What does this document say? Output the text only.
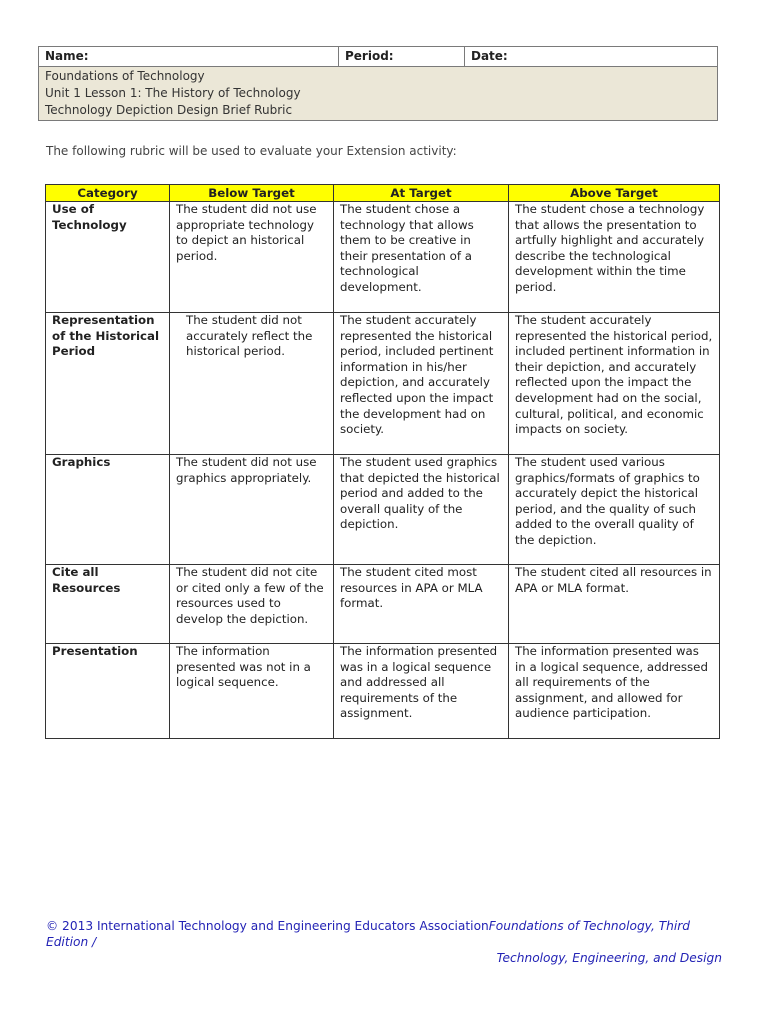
Name:	Period:	Date:

Foundations of Technology
Unit 1 Lesson 1: The History of Technology
Technology Depiction Design Brief Rubric

The following rubric will be used to evaluate your Extension activity:

Category	Below Target	At Target	Above Target
Use of Technology	The student did not use appropriate technology to depict an historical period.	The student chose a technology that allows them to be creative in their presentation of a technological development.	The student chose a technology that allows the presentation to artfully highlight and accurately describe the technological development within the time period.
Representation of the Historical Period	The student did not accurately reflect the historical period.	The student accurately represented the historical period, included pertinent information in his/her depiction, and accurately reflected upon the impact the development had on society.	The student accurately represented the historical period, included pertinent information in their depiction, and accurately reflected upon the impact the development had on the social, cultural, political, and economic impacts on society.
Graphics	The student did not use graphics appropriately.	The student used graphics that depicted the historical period and added to the overall quality of the depiction.	The student used various graphics/formats of graphics to accurately depict the historical period, and the quality of such added to the overall quality of the depiction.
Cite all Resources	The student did not cite or cited only a few of the resources used to develop the depiction.	The student cited most resources in APA or MLA format.	The student cited all resources in APA or MLA format.
Presentation	The information presented was not in a logical sequence.	The information presented was in a logical sequence and addressed all requirements of the assignment.	The information presented was in a logical sequence, addressed all requirements of the assignment, and allowed for audience participation.

© 2013 International Technology and Engineering Educators AssociationFoundations of Technology, Third Edition /

Technology, Engineering, and Design
